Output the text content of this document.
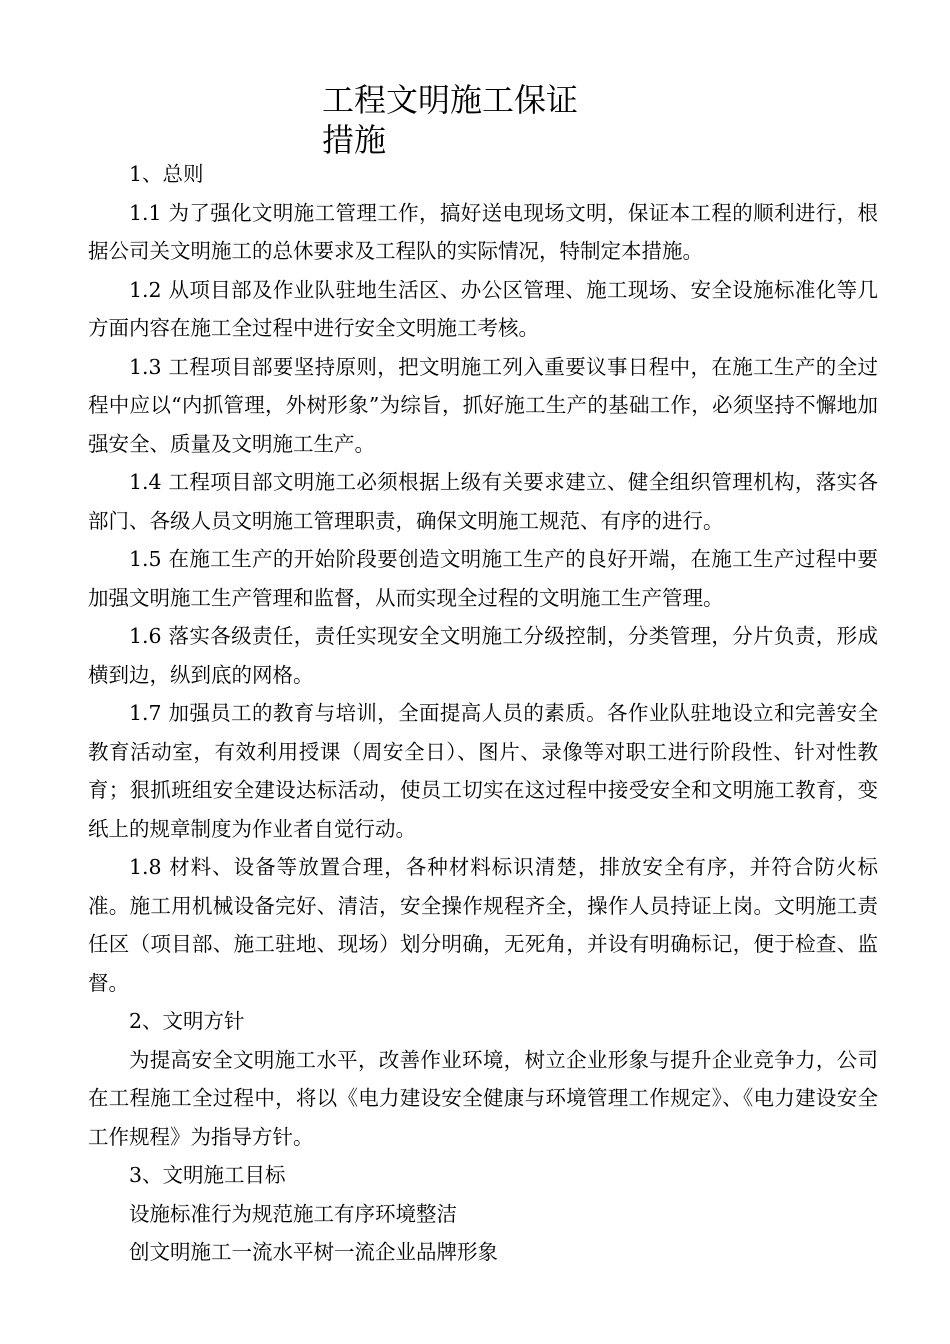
工程文明施工保证
措施

1、总则

1.1 为了强化文明施工管理工作，搞好送电现场文明，保证本工程的顺利进行，根据公司关文明施工的总休要求及工程队的实际情况，特制定本措施。

1.2 从项目部及作业队驻地生活区、办公区管理、施工现场、安全设施标准化等几方面内容在施工全过程中进行安全文明施工考核。

1.3 工程项目部要坚持原则，把文明施工列入重要议事日程中，在施工生产的全过程中应以“内抓管理，外树形象”为综旨，抓好施工生产的基础工作，必须坚持不懈地加强安全、质量及文明施工生产。

1.4 工程项目部文明施工必须根据上级有关要求建立、健全组织管理机构，落实各部门、各级人员文明施工管理职责，确保文明施工规范、有序的进行。

1.5 在施工生产的开始阶段要创造文明施工生产的良好开端，在施工生产过程中要加强文明施工生产管理和监督，从而实现全过程的文明施工生产管理。

1.6 落实各级责任，责任实现安全文明施工分级控制，分类管理，分片负责，形成横到边，纵到底的网格。

1.7 加强员工的教育与培训，全面提高人员的素质。各作业队驻地设立和完善安全教育活动室，有效利用授课（周安全日）、图片、录像等对职工进行阶段性、针对性教育；狠抓班组安全建设达标活动，使员工切实在这过程中接受安全和文明施工教育，变纸上的规章制度为作业者自觉行动。

1.8 材料、设备等放置合理，各种材料标识清楚，排放安全有序，并符合防火标准。施工用机械设备完好、清洁，安全操作规程齐全，操作人员持证上岗。文明施工责任区（项目部、施工驻地、现场）划分明确，无死角，并设有明确标记，便于检查、监督。

2、文明方针

为提高安全文明施工水平，改善作业环境，树立企业形象与提升企业竞争力，公司在工程施工全过程中，将以《电力建设安全健康与环境管理工作规定》、《电力建设安全工作规程》为指导方针。

3、文明施工目标

设施标准行为规范施工有序环境整洁

创文明施工一流水平树一流企业品牌形象
